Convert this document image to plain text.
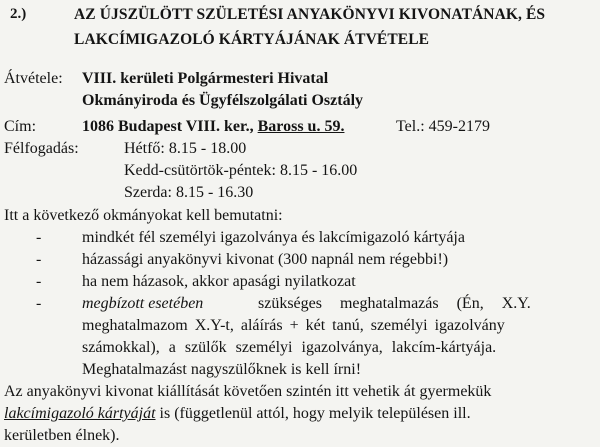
2.)	AZ ÚJSZÜLÖTT SZÜLETÉSI ANYAKÖNYVI KIVONATÁNAK, ÉS
LAKCÍMIGAZOLÓ KÁRTYÁJÁNAK ÁTVÉTELE
Átvétele: VIII. kerületi Polgármesteri Hivatal
Okmányiroda és Ügyfélszolgálati Osztály
Cím:	1086 Budapest VIII. ker., Baross u. 59.	Tel.: 459-2179
Félfogadás:	Hétfő: 8.15 - 18.00
Kedd-csütörtök-péntek: 8.15 - 16.00
Szerda: 8.15 - 16.30
Itt a következő okmányokat kell bemutatni:
-	mindkét fél személyi igazolványa és lakcímigazoló kártyája
-	házassági anyakönyvi kivonat (300 napnál nem régebbi!)
-	ha nem házasok, akkor apasági nyilatkozat
-	megbízott esetében	szükséges meghatalmazás (Én, X.Y.
meghatalmazom X.Y-t, aláírás + két tanú, személyi igazolvány
számokkal), a szülők személyi igazolványa, lakcím-kártyája.
Meghatalmazást nagyszülőknek is kell írni!
Az anyakönyvi kivonat kiállítását követően szintén itt vehetik át gyermekük
lakcímigazoló kártyáját is (függetlenül attól, hogy melyik településen ill.
kerületben élnek).
